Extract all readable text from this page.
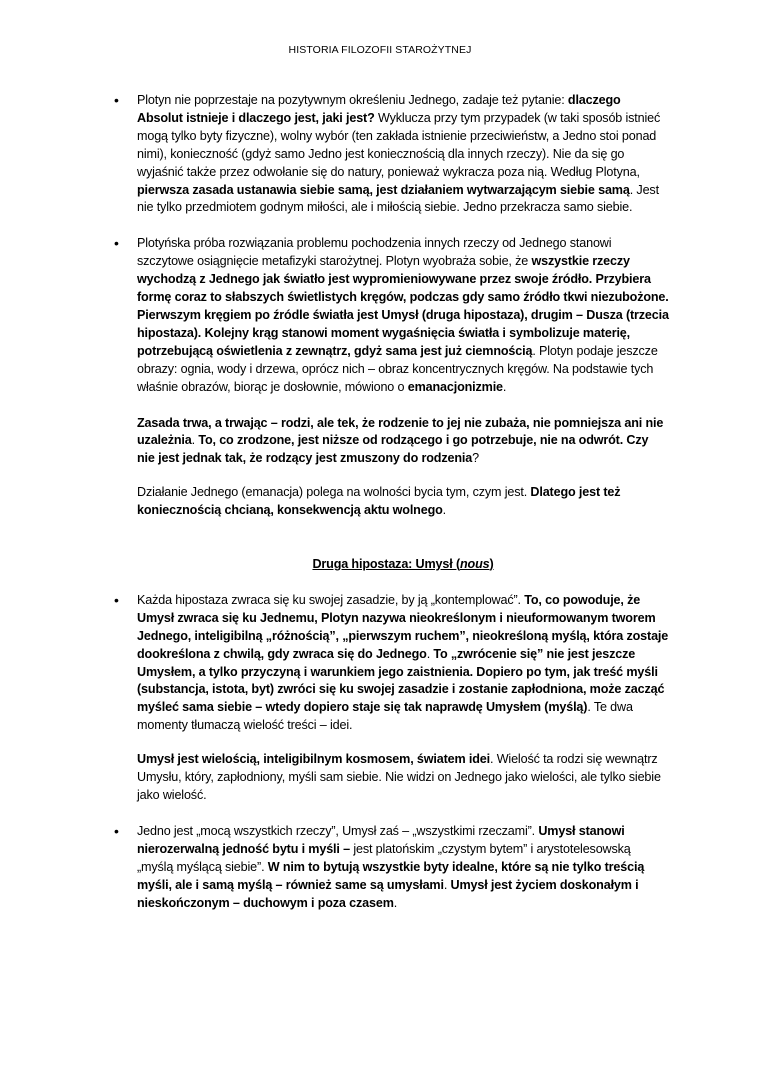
HISTORIA FILOZOFII STAROŻYTNEJ
• Plotyn nie poprzestaje na pozytywnym określeniu Jednego, zadaje też pytanie: dlaczego Absolut istnieje i dlaczego jest, jaki jest? Wyklucza przy tym przypadek (w taki sposób istnieć mogą tylko byty fizyczne), wolny wybór (ten zakłada istnienie przeciwieństw, a Jedno stoi ponad nimi), konieczność (gdyż samo Jedno jest koniecznością dla innych rzeczy). Nie da się go wyjaśnić także przez odwołanie się do natury, ponieważ wykracza poza nią. Według Plotyna, pierwsza zasada ustanawia siebie samą, jest działaniem wytwarzającym siebie samą. Jest nie tylko przedmiotem godnym miłości, ale i miłością siebie. Jedno przekracza samo siebie.

• Plotyńska próba rozwiązania problemu pochodzenia innych rzeczy od Jednego stanowi szczytowe osiągnięcie metafizyki starożytnej. Plotyn wyobraża sobie, że wszystkie rzeczy wychodzą z Jednego jak światło jest wypromieniowywane przez swoje źródło. Przybiera formę coraz to słabszych świetlistych kręgów, podczas gdy samo źródło tkwi niezubożone. Pierwszym kręgiem po źródle światła jest Umysł (druga hipostaza), drugim – Dusza (trzecia hipostaza). Kolejny krąg stanowi moment wygaśnięcia światła i symbolizuje materię, potrzebującą oświetlenia z zewnątrz, gdyż sama jest już ciemnością. Plotyn podaje jeszcze obrazy: ognia, wody i drzewa, oprócz nich – obraz koncentrycznych kręgów. Na podstawie tych właśnie obrazów, biorąc je dosłownie, mówiono o emanacjonizmie.

Zasada trwa, a trwając – rodzi, ale tek, że rodzenie to jej nie zubaża, nie pomniejsza ani nie uzależnia. To, co zrodzone, jest niższe od rodzącego i go potrzebuje, nie na odwrót. Czy nie jest jednak tak, że rodzący jest zmuszony do rodzenia?

Działanie Jednego (emanacja) polega na wolności bycia tym, czym jest. Dlatego jest też koniecznością chcianą, konsekwencją aktu wolnego.

Druga hipostaza: Umysł (nous)

• Każda hipostaza zwraca się ku swojej zasadzie, by ją „kontemplować”. To, co powoduje, że Umysł zwraca się ku Jednemu, Plotyn nazywa nieokreślonym i nieuformowanym tworem Jednego, inteligibilną „różnością”, „pierwszym ruchem”, nieokreśloną myślą, która zostaje dookreślona z chwilą, gdy zwraca się do Jednego. To „zwrócenie się” nie jest jeszcze Umysłem, a tylko przyczyną i warunkiem jego zaistnienia. Dopiero po tym, jak treść myśli (substancja, istota, byt) zwróci się ku swojej zasadzie i zostanie zapłodniona, może zacząć myśleć sama siebie – wtedy dopiero staje się tak naprawdę Umysłem (myślą). Te dwa momenty tłumaczą wielość treści – idei.

Umysł jest wielością, inteligibilnym kosmosem, światem idei. Wielość ta rodzi się wewnątrz Umysłu, który, zapłodniony, myśli sam siebie. Nie widzi on Jednego jako wielości, ale tylko siebie jako wielość.

• Jedno jest „mocą wszystkich rzeczy”, Umysł zaś – „wszystkimi rzeczami”. Umysł stanowi nierozerwalną jedność bytu i myśli – jest platońskim „czystym bytem” i arystotelesowską „myślą myślącą siebie”. W nim to bytują wszystkie byty idealne, które są nie tylko treścią myśli, ale i samą myślą – również same są umysłami. Umysł jest życiem doskonałym i nieskończonym – duchowym i poza czasem.
